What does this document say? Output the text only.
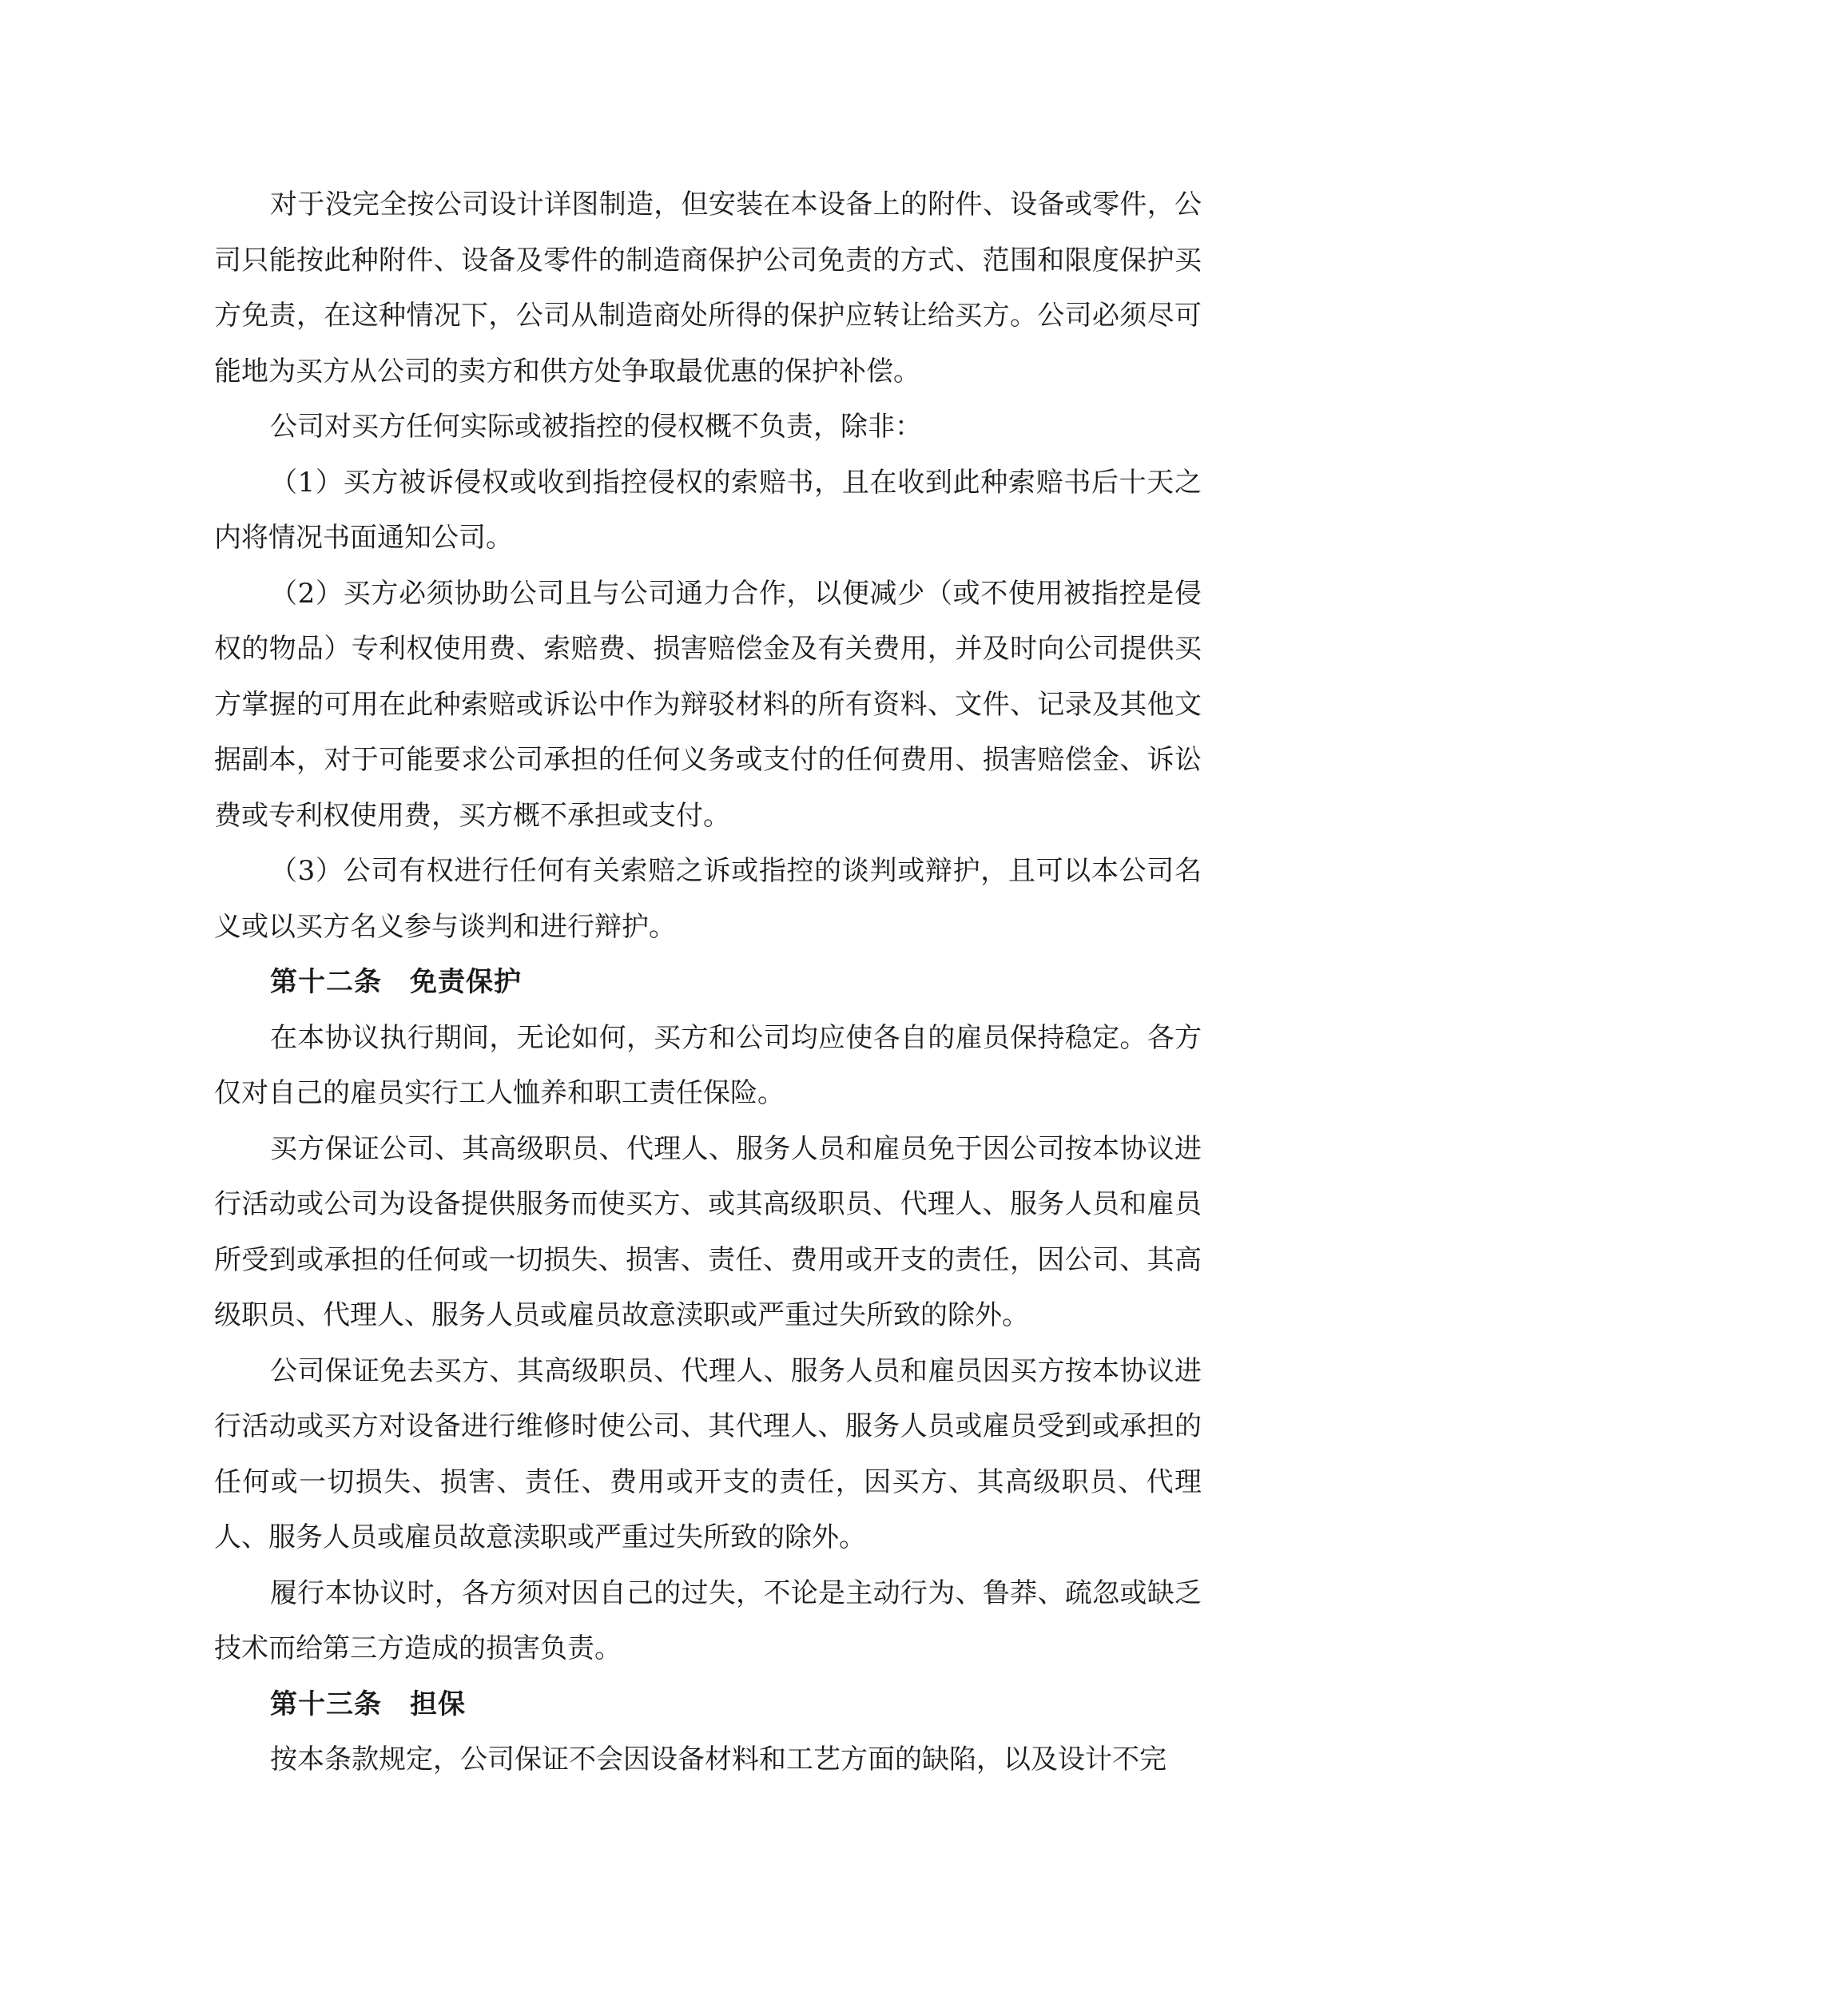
对于没完全按公司设计详图制造，但安装在本设备上的附件、设备或零件，公司只能按此种附件、设备及零件的制造商保护公司免责的方式、范围和限度保护买方免责，在这种情况下，公司从制造商处所得的保护应转让给买方。公司必须尽可能地为买方从公司的卖方和供方处争取最优惠的保护补偿。

公司对买方任何实际或被指控的侵权概不负责，除非：

（1）买方被诉侵权或收到指控侵权的索赔书，且在收到此种索赔书后十天之内将情况书面通知公司。

（2）买方必须协助公司且与公司通力合作，以便减少（或不使用被指控是侵权的物品）专利权使用费、索赔费、损害赔偿金及有关费用，并及时向公司提供买方掌握的可用在此种索赔或诉讼中作为辩驳材料的所有资料、文件、记录及其他文据副本，对于可能要求公司承担的任何义务或支付的任何费用、损害赔偿金、诉讼费或专利权使用费，买方概不承担或支付。

（3）公司有权进行任何有关索赔之诉或指控的谈判或辩护，且可以本公司名义或以买方名义参与谈判和进行辩护。

第十二条　免责保护

在本协议执行期间，无论如何，买方和公司均应使各自的雇员保持稳定。各方仅对自己的雇员实行工人恤养和职工责任保险。

买方保证公司、其高级职员、代理人、服务人员和雇员免于因公司按本协议进行活动或公司为设备提供服务而使买方、或其高级职员、代理人、服务人员和雇员所受到或承担的任何或一切损失、损害、责任、费用或开支的责任，因公司、其高级职员、代理人、服务人员或雇员故意渎职或严重过失所致的除外。

公司保证免去买方、其高级职员、代理人、服务人员和雇员因买方按本协议进行活动或买方对设备进行维修时使公司、其代理人、服务人员或雇员受到或承担的任何或一切损失、损害、责任、费用或开支的责任，因买方、其高级职员、代理人、服务人员或雇员故意渎职或严重过失所致的除外。

履行本协议时，各方须对因自己的过失，不论是主动行为、鲁莽、疏忽或缺乏技术而给第三方造成的损害负责。

第十三条　担保

按本条款规定，公司保证不会因设备材料和工艺方面的缺陷，以及设计不完
